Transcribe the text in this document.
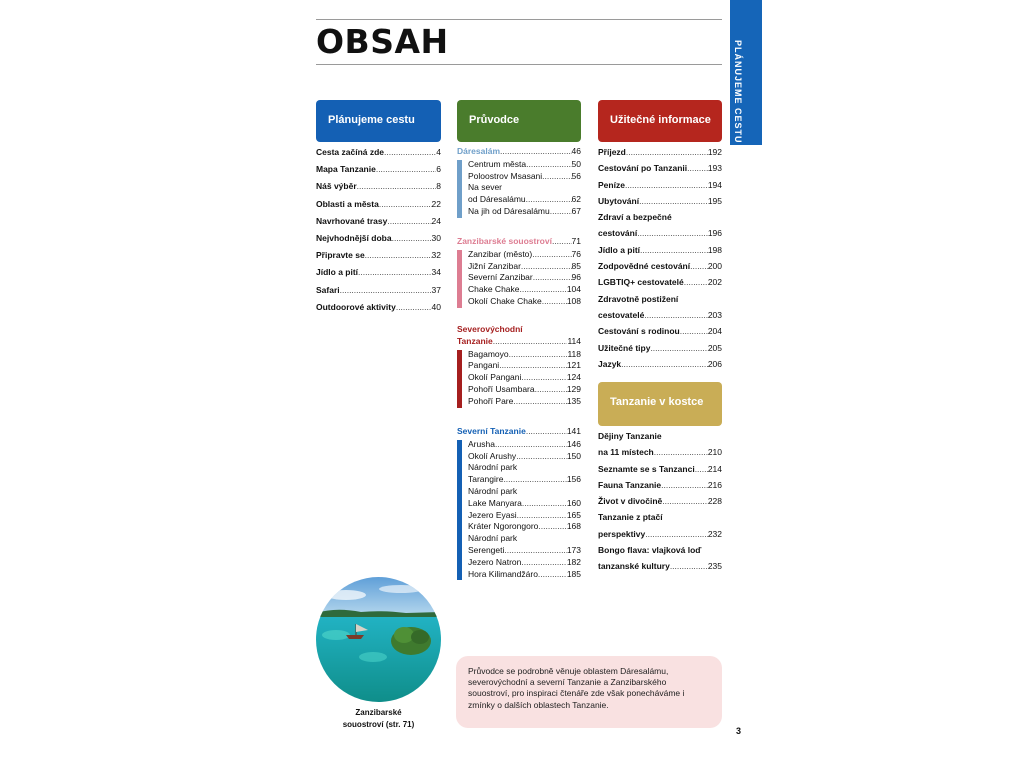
OBSAH	PLÁNUJEME CESTU
Plánujeme cestu	Průvodce	Užitečné informace
Cesta začíná zde .....	4
Mapa Tanzanie .....	6
Náš výběr .....	8
Oblasti a města .....	22
Navrhované trasy .....	24
Nejvhodnější doba .....	30
Připravte se .....	32
Jídlo a pití .....	34
Safari .....	37
Outdoorové aktivity .....	40
Dáresalám .....	46
Centrum města .....	50
Poloostrov Msasani .....	56
Na sever
od Dáresalámu .....	62
Na jih od Dáresalámu .....	67
Zanzibarské souostroví ..... 71
Zanzibar (město) .....	76
Jižní Zanzibar .....	85
Severní Zanzibar .....	96
Chake Chake .....	104
Okolí Chake Chake .....	108
Severovýchodní
Tanzanie .....	114
Bagamoyo .....	118
Pangani .....	121
Okolí Pangani .....	124
Pohoří Usambara .....	129
Pohoří Pare .....	135
Severní Tanzanie .....	141
Arusha .....	146
Okolí Arushy .....	150
Národní park
Tarangire .....	156
Národní park
Lake Manyara .....	160
Jezero Eyasi .....	165
Kráter Ngorongoro .....	168
Národní park
Serengeti .....	173
Jezero Natron .....	182
Hora Kilimandžáro .....	185
Příjezd .....	192
Cestování po Tanzanii ..... 193
Peníze .....	194
Ubytování .....	195
Zdraví a bezpečné
cestování .....	196
Jídlo a pití .....	198
Zodpovědné cestování ..... 200
LGBTIQ+ cestovatelé .....	202
Zdravotně postižení
cestovatelé .....	203
Cestování s rodinou .....	204
Užitečné tipy .....	205
Jazyk .....	206
Tanzanie v kostce
Dějiny Tanzanie
na 11 místech .....	210
Seznamte se s Tanzanci ..... 214
Fauna Tanzanie .....	216
Život v divočině .....	228
Tanzanie z ptačí
perspektivy .....	232
Bongo flava: vlajková loď
tanzanské kultury .....	235
Zanzibarské
souostroví (str. 71)
Průvodce se podrobně věnuje oblastem Dáresalámu, severovýchodní a severní Tanzanie a Zanzibarského souostroví, pro inspiraci čtenáře zde však ponecháváme i zmínky o dalších oblastech Tanzanie.
3
